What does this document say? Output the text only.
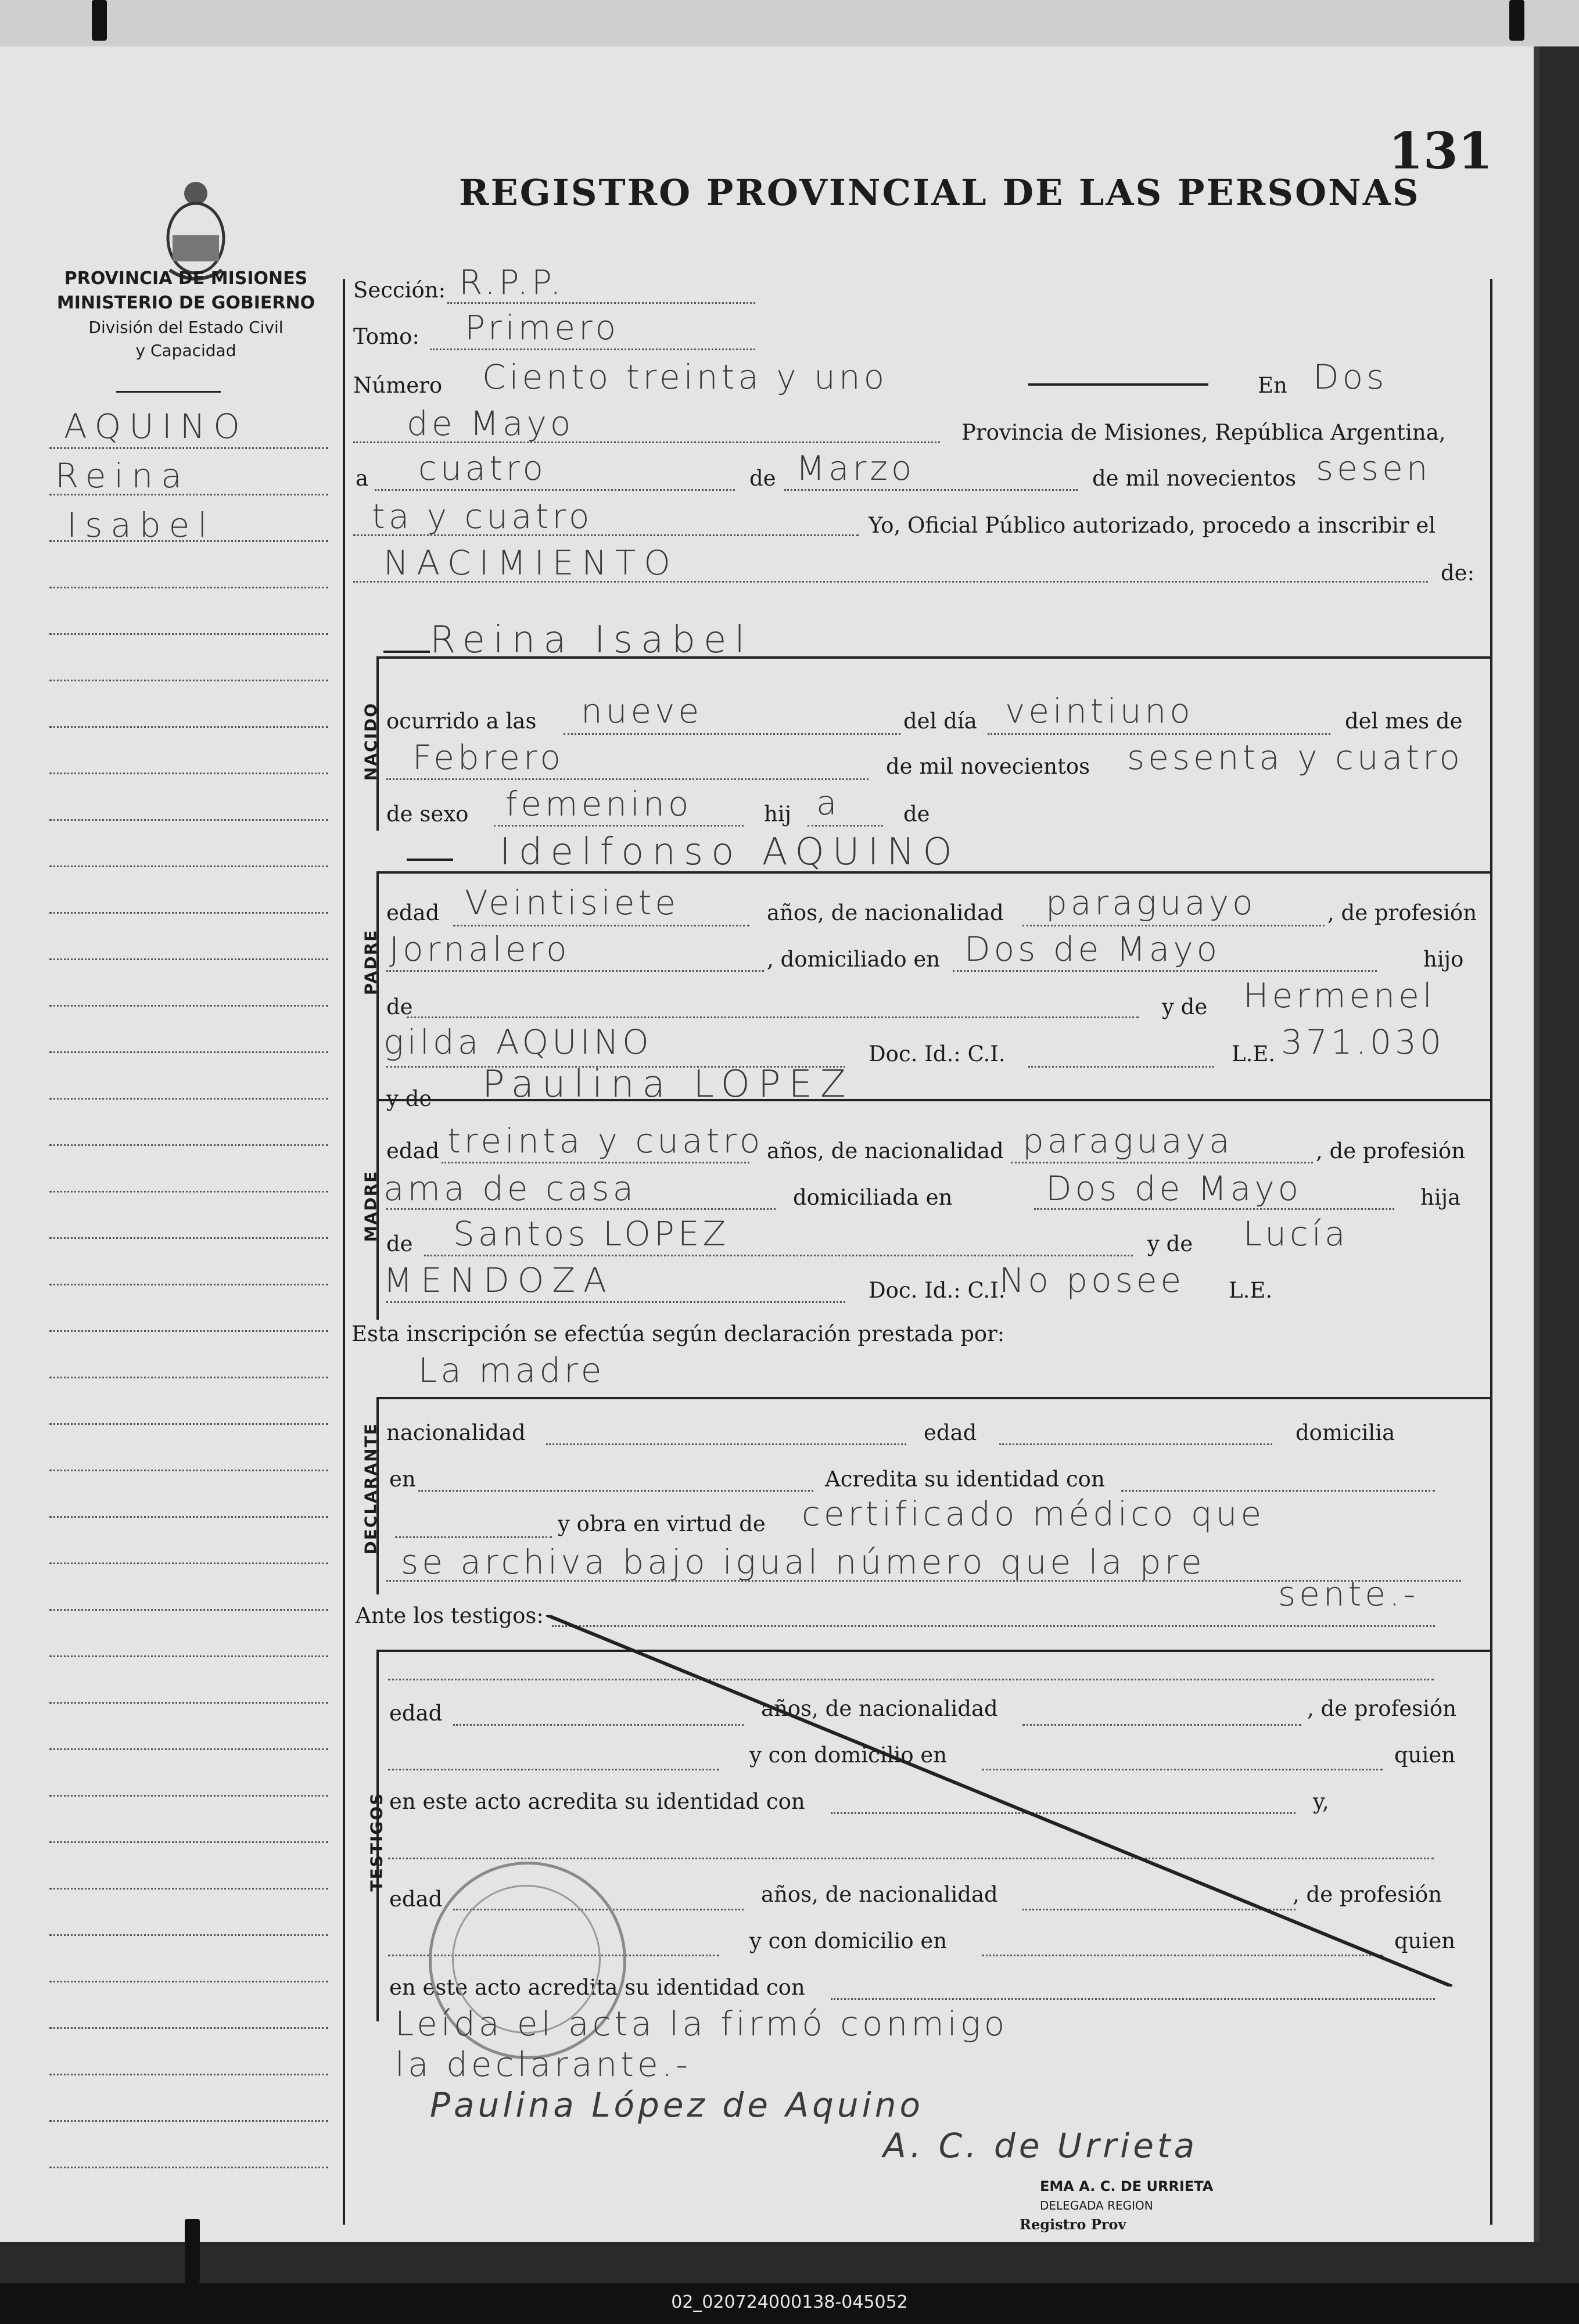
131
REGISTRO PROVINCIAL DE LAS PERSONAS
PROVINCIA DE MISIONES
MINISTERIO DE GOBIERNO
División del Estado Civil
y Capacidad
AQUINO
Reina
Isabel
Sección: R.P.P.
Tomo: Primero
Número Ciento treinta y uno	En Dos
de Mayo	Provincia de Misiones, República Argentina,
a cuatro	de Marzo	de mil novecientos sesen
ta y cuatro	Yo, Oficial Público autorizado, procedo a inscribir el
NACIMIENTO	de:
NACIDO
Reina Isabel
ocurrido a las nueve	del día veintiuno	del mes de
Febrero	de mil novecientos sesenta y cuatro
de sexo femenino	hij a	de
PADRE
Idelfonso AQUINO
edad Veintisiete	años, de nacionalidad paraguayo	, de profesión
Jornalero	, domiciliado en Dos de Mayo	hijo
de	y de Hermenel
gilda AQUINO	Doc. Id.: C.I.	L.E. 371.030
MADRE
y de Paulina LOPEZ
edad treinta y cuatro años, de nacionalidad paraguaya	, de profesión
ama de casa	domiciliada en	Dos de Mayo	hija
de Santos LOPEZ	y de Lucía
MENDOZA	Doc. Id.: C.I.
No posee L.E.
Esta inscripción se efectúa según declaración prestada por:
La madre
DECLARANTE nacionalidad	edad	domicilia
en	Acredita su identidad con
y obra en virtud de certificado médico que
se archiva bajo igual número que la pre
sente.-
Ante los testigos:
TESTIGOS
edad	años, de nacionalidad	, de profesión
y con domicilio en	quien
en este acto acredita su identidad con	y,
edad	años, de nacionalidad	, de profesión
y con domicilio en	quien
en este acto acredita su identidad con
Leída el acta la firmó conmigo
la declarante.-
Paulina López de Aquino
A. C. de Urrieta
EMA A. C. DE URRIETA
DELEGADA REGION
Registro Prov
02_020724000138-045052
